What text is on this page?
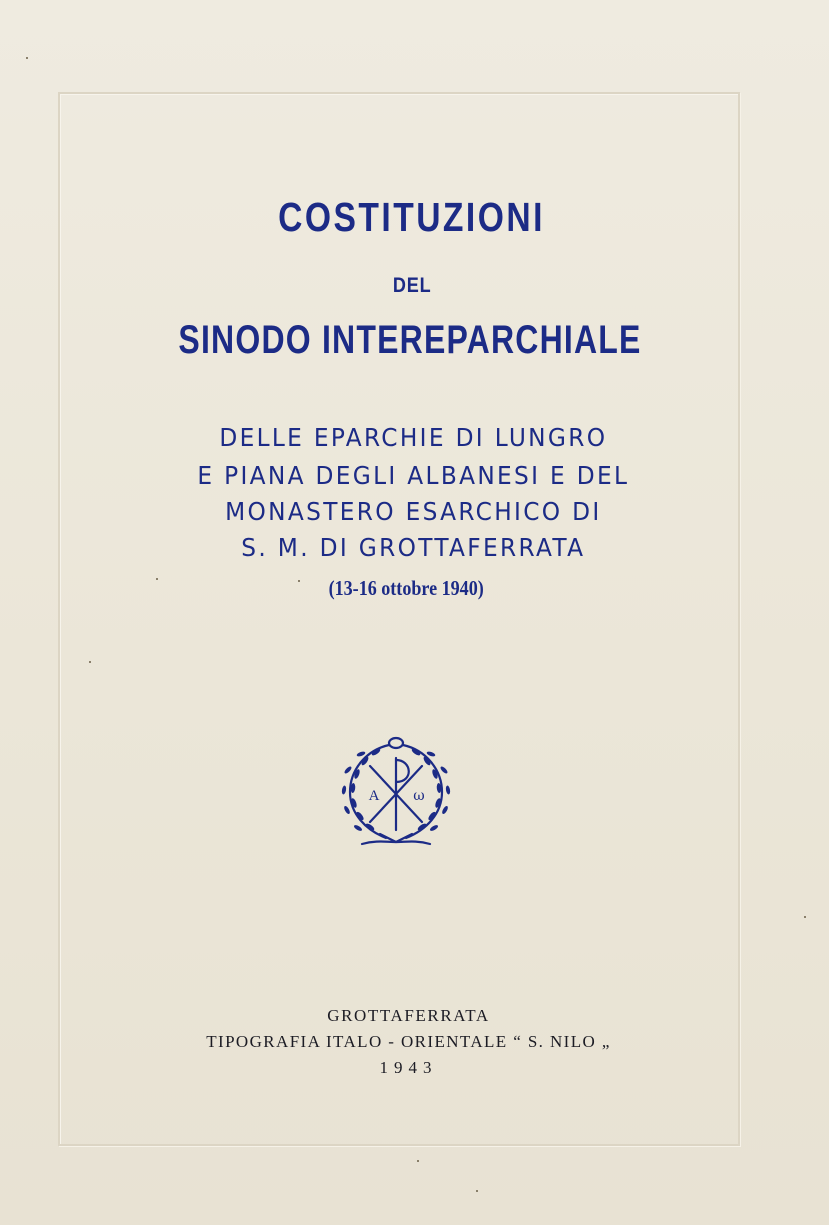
COSTITUZIONI
DEL
SINODO INTEREPARCHIALE
DELLE EPARCHIE DI LUNGRO
E PIANA DEGLI ALBANESI E DEL
MONASTERO ESARCHICO DI
S. M. DI GROTTAFERRATA
(13-16 ottobre 1940)
A ω
GROTTAFERRATA
TIPOGRAFIA ITALO - ORIENTALE “ S. NILO „
1943
